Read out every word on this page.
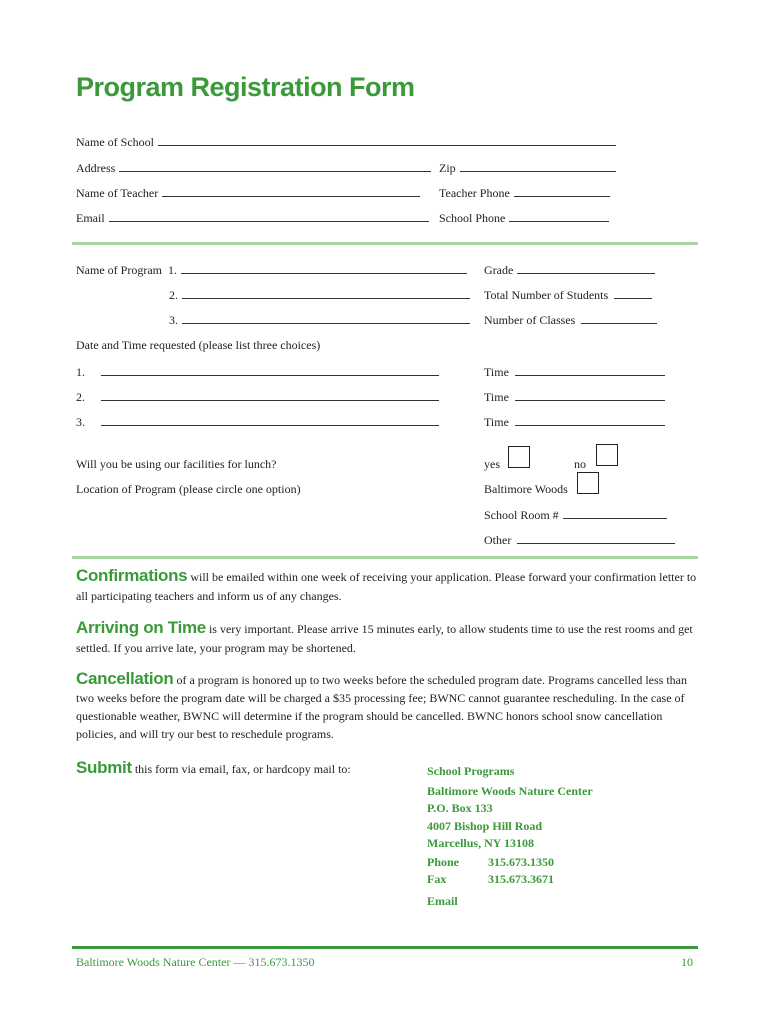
Program Registration Form
Name of School
Address	Zip
Name of Teacher	Teacher Phone
Email	School Phone
Name of Program 1.	Grade
2.	Total Number of Students
3.	Number of Classes
Date and Time requested (please list three choices)
1.	Time
2.	Time
3.	Time
Will you be using our facilities for lunch?	yes	no
Location of Program (please circle one option)	Baltimore Woods
School Room #
Other
Confirmations will be emailed within one week of receiving your application. Please forward your confirmation letter to all participating teachers and inform us of any changes.
Arriving on Time is very important. Please arrive 15 minutes early, to allow students time to use the rest rooms and get settled. If you arrive late, your program may be shortened.
Cancellation of a program is honored up to two weeks before the scheduled program date. Programs cancelled less than two weeks before the program date will be charged a $35 processing fee; BWNC cannot guarantee rescheduling. In the case of questionable weather, BWNC will determine if the program should be cancelled. BWNC honors school snow cancellation policies, and will try our best to reschedule programs.
Submit this form via email, fax, or hardcopy mail to:	School Programs
Baltimore Woods Nature Center
P.O. Box 133
4007 Bishop Hill Road
Marcellus, NY 13108
Phone 315.673.1350
Fax	315.673.3671
Email
Baltimore Woods Nature Center — 315.673.1350	10
